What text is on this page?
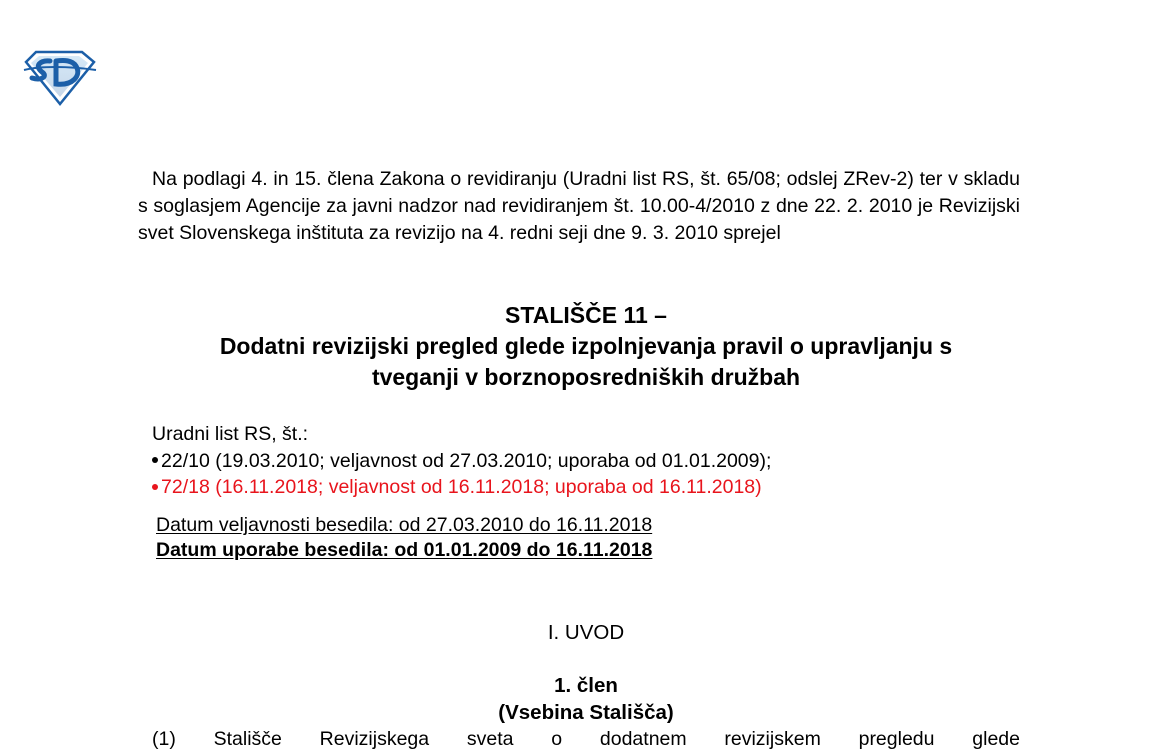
Na podlagi 4. in 15. člena Zakona o revidiranju (Uradni list RS, št. 65/08; odslej ZRev-2) ter v skladu s soglasjem Agencije za javni nadzor nad revidiranjem št. 10.00-4/2010 z dne 22. 2. 2010 je Revizijski svet Slovenskega inštituta za revizijo na 4. redni seji dne 9. 3. 2010 sprejel

STALIŠČE 11 –
Dodatni revizijski pregled glede izpolnjevanja pravil o upravljanju s
tveganji v borznoposredniških družbah
Uradni list RS, št.:
22/10 (19.03.2010; veljavnost od 27.03.2010; uporaba od 01.01.2009);
72/18 (16.11.2018; veljavnost od 16.11.2018; uporaba od 16.11.2018)
Datum veljavnosti besedila: od 27.03.2010 do 16.11.2018
Datum uporabe besedila: od 01.01.2009 do 16.11.2018
I. UVOD
1. člen
(Vsebina Stališča)
(1) Stališče Revizijskega sveta o dodatnem revizijskem pregledu glede
